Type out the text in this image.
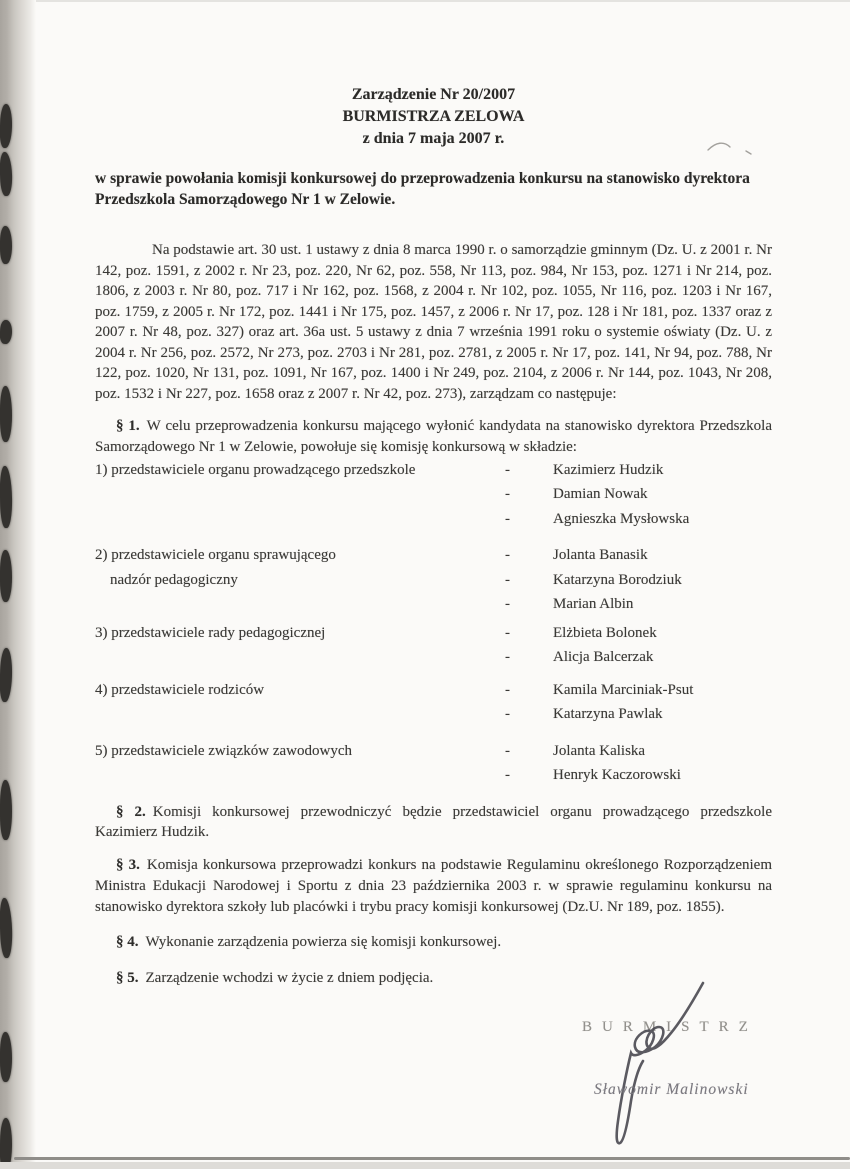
Zarządzenie Nr 20/2007
BURMISTRZA ZELOWA
z dnia 7 maja 2007 r.

w sprawie powołania komisji konkursowej do przeprowadzenia konkursu na stanowisko dyrektora Przedszkola Samorządowego Nr 1 w Zelowie.

Na podstawie art. 30 ust. 1 ustawy z dnia 8 marca 1990 r. o samorządzie gminnym (Dz. U. z 2001 r. Nr 142, poz. 1591, z 2002 r. Nr 23, poz. 220, Nr 62, poz. 558, Nr 113, poz. 984, Nr 153, poz. 1271 i Nr 214, poz. 1806, z 2003 r. Nr 80, poz. 717 i Nr 162, poz. 1568, z 2004 r. Nr 102, poz. 1055, Nr 116, poz. 1203 i Nr 167, poz. 1759, z 2005 r. Nr 172, poz. 1441 i Nr 175, poz. 1457, z 2006 r. Nr 17, poz. 128 i Nr 181, poz. 1337 oraz z 2007 r. Nr 48, poz. 327) oraz art. 36a ust. 5 ustawy z dnia 7 września 1991 roku o systemie oświaty (Dz. U. z 2004 r. Nr 256, poz. 2572, Nr 273, poz. 2703 i Nr 281, poz. 2781, z 2005 r. Nr 17, poz. 141, Nr 94, poz. 788, Nr 122, poz. 1020, Nr 131, poz. 1091, Nr 167, poz. 1400 i Nr 249, poz. 2104, z 2006 r. Nr 144, poz. 1043, Nr 208, poz. 1532 i Nr 227, poz. 1658 oraz z 2007 r. Nr 42, poz. 273), zarządzam co następuje:

§ 1. W celu przeprowadzenia konkursu mającego wyłonić kandydata na stanowisko dyrektora Przedszkola Samorządowego Nr 1 w Zelowie, powołuje się komisję konkursową w składzie:

1) przedstawiciele organu prowadzącego przedszkole	-	Kazimierz Hudzik
-	Damian Nowak
-	Agnieszka Mysłowska
2) przedstawiciele organu sprawującego
nadzór pedagogiczny
-	Jolanta Banasik
-	Katarzyna Borodziuk
-	Marian Albin
3) przedstawiciele rady pedagogicznej	-	Elżbieta Bolonek
-	Alicja Balcerzak
4) przedstawiciele rodziców	-	Kamila Marciniak-Psut
-	Katarzyna Pawlak
5) przedstawiciele związków zawodowych	-	Jolanta Kaliska
-	Henryk Kaczorowski

§ 2. Komisji konkursowej przewodniczyć będzie przedstawiciel organu prowadzącego przedszkole Kazimierz Hudzik.

§ 3. Komisja konkursowa przeprowadzi konkurs na podstawie Regulaminu określonego Rozporządzeniem Ministra Edukacji Narodowej i Sportu z dnia 23 października 2003 r. w sprawie regulaminu konkursu na stanowisko dyrektora szkoły lub placówki i trybu pracy komisji konkursowej (Dz.U. Nr 189, poz. 1855).

§ 4. Wykonanie zarządzenia powierza się komisji konkursowej.

§ 5. Zarządzenie wchodzi w życie z dniem podjęcia.

BURMISTRZ
Sławomir Malinowski
